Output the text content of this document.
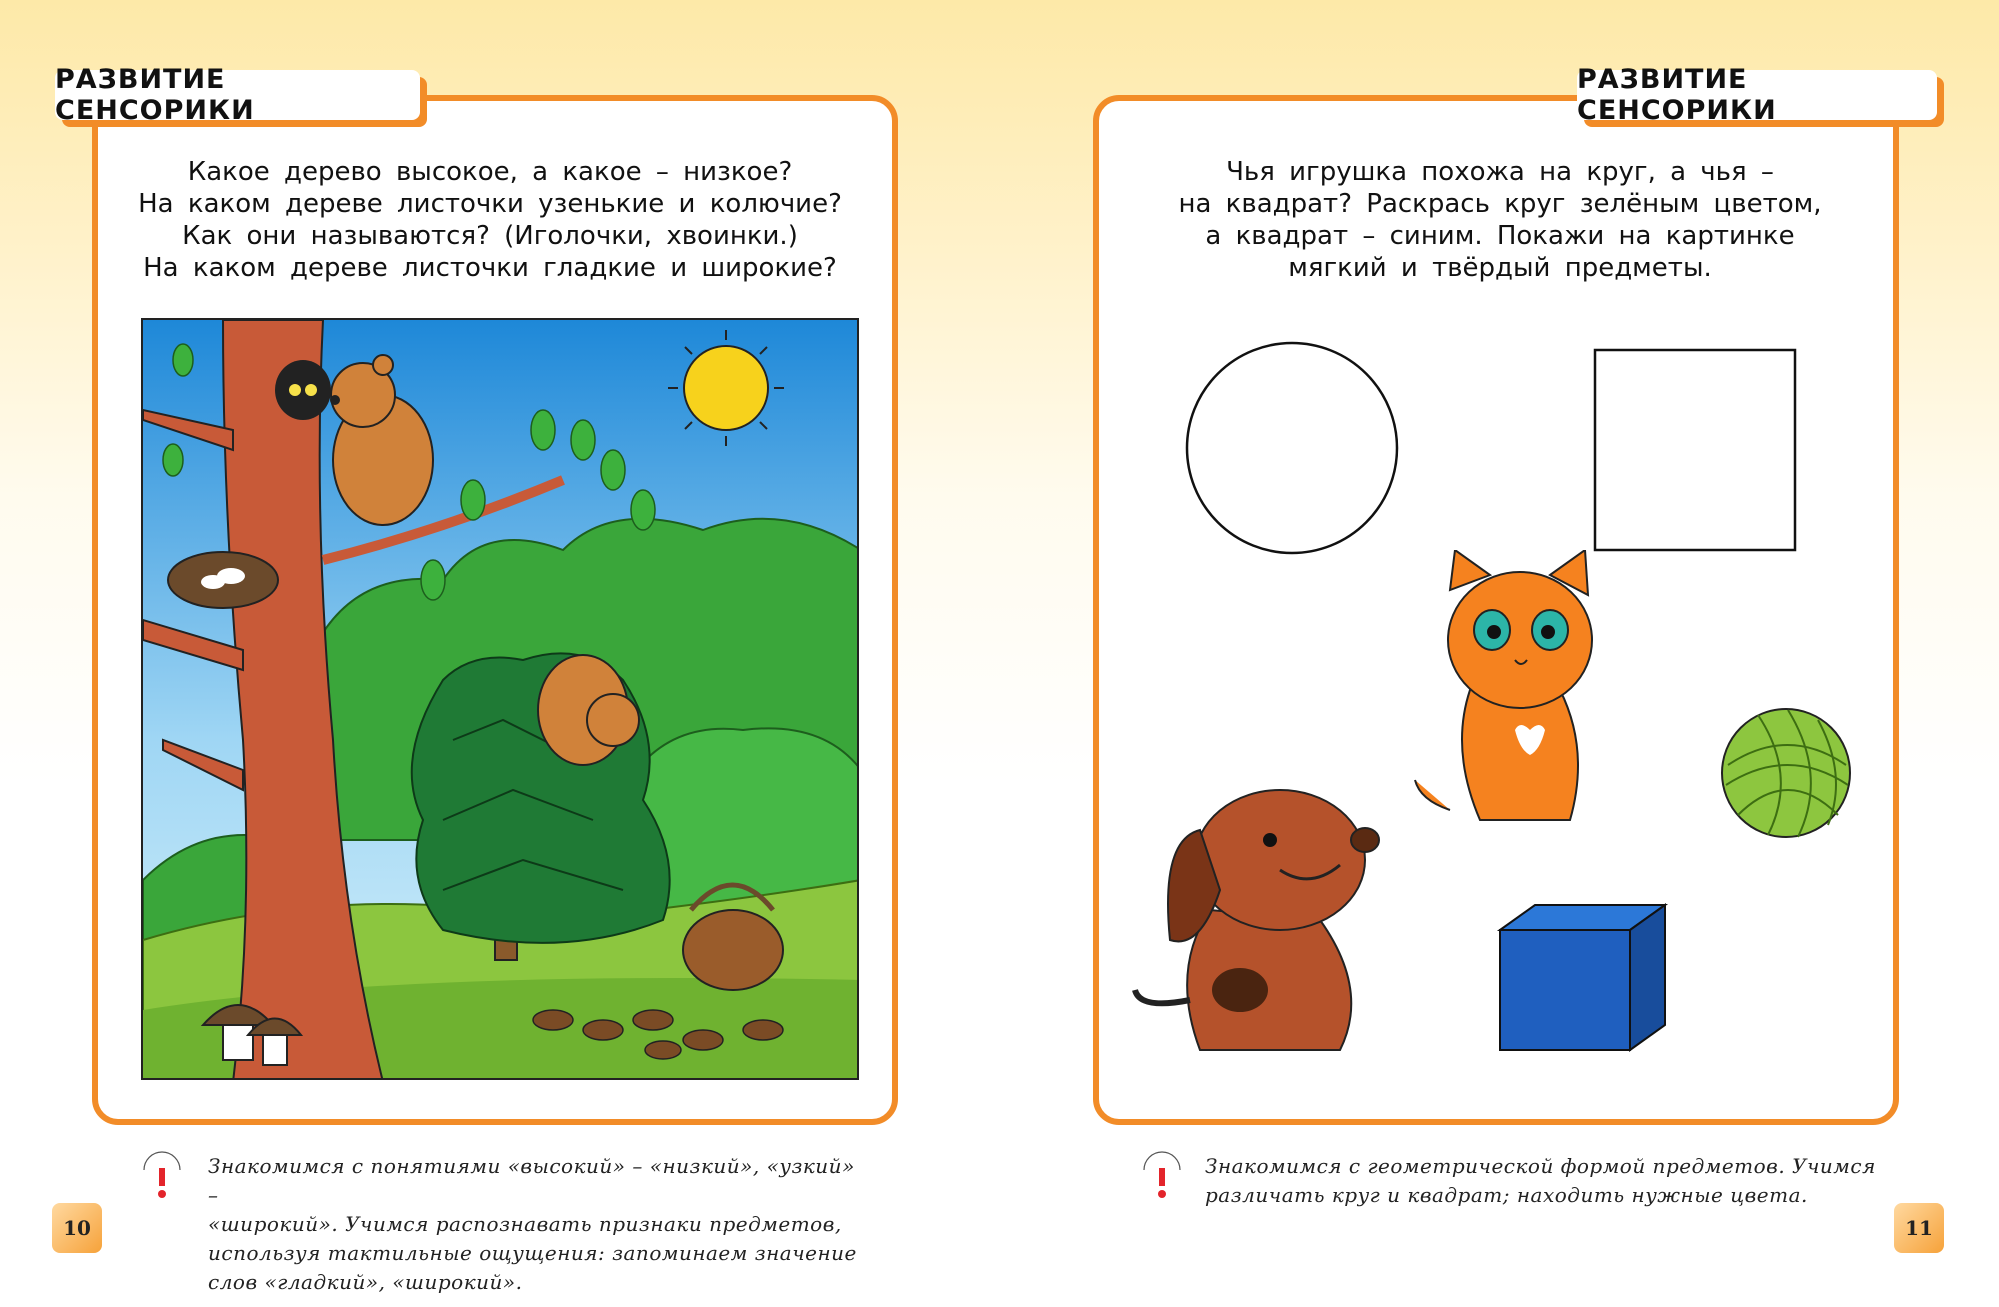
РАЗВИТИЕ СЕНСОРИКИ
Какое дерево высокое, а какое – низкое?
На каком дереве листочки узенькие и колючие?
Как они называются? (Иголочки, хвоинки.)
На каком дереве листочки гладкие и широкие?
Знакомимся с понятиями «высокий» – «низкий», «узкий» –
«широкий». Учимся распознавать признаки предметов,
используя тактильные ощущения: запоминаем значение
слов «гладкий», «широкий».
10
РАЗВИТИЕ СЕНСОРИКИ
Чья игрушка похожа на круг, а чья –
на квадрат? Раскрась круг зелёным цветом,
а квадрат – синим. Покажи на картинке
мягкий и твёрдый предметы.
Знакомимся с геометрической формой предметов. Учимся
различать круг и квадрат; находить нужные цвета.
11
